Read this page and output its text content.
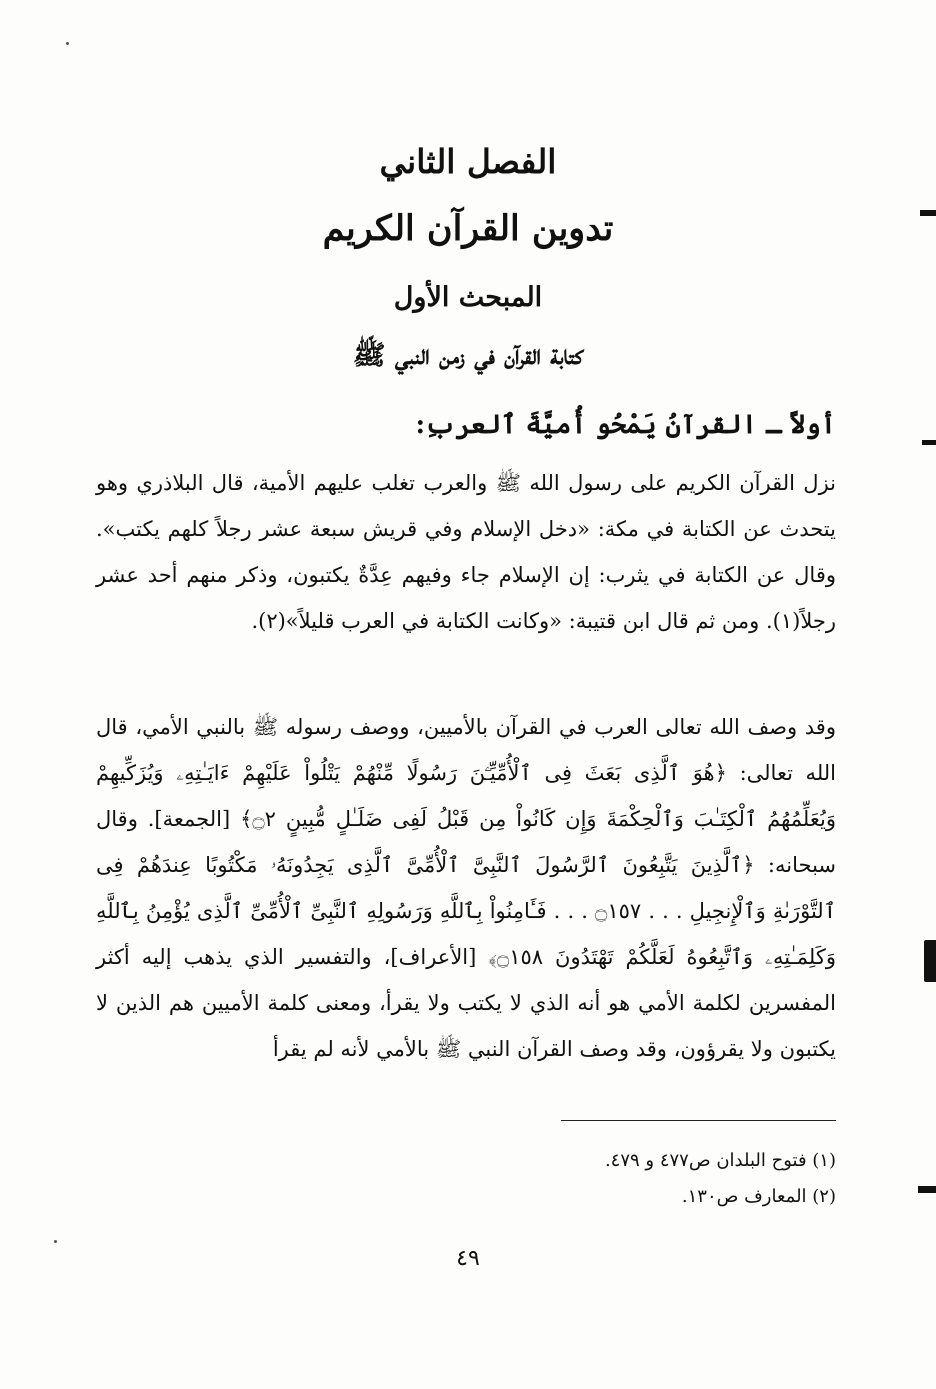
الفصل الثاني
تدوين القرآن الكريم
المبحث الأول
كتابة القرآن في زمن النبي ﷺ
أولاً ـ القرآنُ يَمْحُو أُميَّةَ ٱلعربِ:
نزل القرآن الكريم على رسول الله ﷺ والعرب تغلب عليهم الأمية، قال البلاذري وهو يتحدث عن الكتابة في مكة: «دخل الإسلام وفي قريش سبعة عشر رجلاً كلهم يكتب». وقال عن الكتابة في يثرب: إن الإسلام جاء وفيهم عِدَّةٌ يكتبون، وذكر منهم أحد عشر رجلاً(١). ومن ثم قال ابن قتيبة: «وكانت الكتابة في العرب قليلاً»(٢).
وقد وصف الله تعالى العرب في القرآن بالأميين، ووصف رسوله ﷺ بالنبي الأمي، قال الله تعالى: ﴿هُوَ ٱلَّذِى بَعَثَ فِى ٱلْأُمِّيِّـۧنَ رَسُولًا مِّنْهُمْ يَتْلُواْ عَلَيْهِمْ ءَايَـٰتِهِۦ وَيُزَكِّيهِمْ وَيُعَلِّمُهُمُ ٱلْكِتَـٰبَ وَٱلْحِكْمَةَ وَإِن كَانُواْ مِن قَبْلُ لَفِى ضَلَـٰلٍ مُّبِينٍ ۝٢﴾ [الجمعة]. وقال سبحانه: ﴿ٱلَّذِينَ يَتَّبِعُونَ ٱلرَّسُولَ ٱلنَّبِىَّ ٱلْأُمِّىَّ ٱلَّذِى يَجِدُونَهُۥ مَكْتُوبًا عِندَهُمْ فِى ٱلتَّوْرَىٰةِ وَٱلْإِنجِيلِ . . . ۝١٥٧ . . . فَـَٔامِنُواْ بِٱللَّهِ وَرَسُولِهِ ٱلنَّبِىِّ ٱلْأُمِّىِّ ٱلَّذِى يُؤْمِنُ بِٱللَّهِ وَكَلِمَـٰتِهِۦ وَٱتَّبِعُوهُ لَعَلَّكُمْ تَهْتَدُونَ ۝١٥٨﴾ [الأعراف]، والتفسير الذي يذهب إليه أكثر المفسرين لكلمة الأمي هو أنه الذي لا يكتب ولا يقرأ، ومعنى كلمة الأميين هم الذين لا يكتبون ولا يقرؤون، وقد وصف القرآن النبي ﷺ بالأمي لأنه لم يقرأ
(١) فتوح البلدان ص٤٧٧ و ٤٧٩.
(٢) المعارف ص١٣٠.
٤٩
